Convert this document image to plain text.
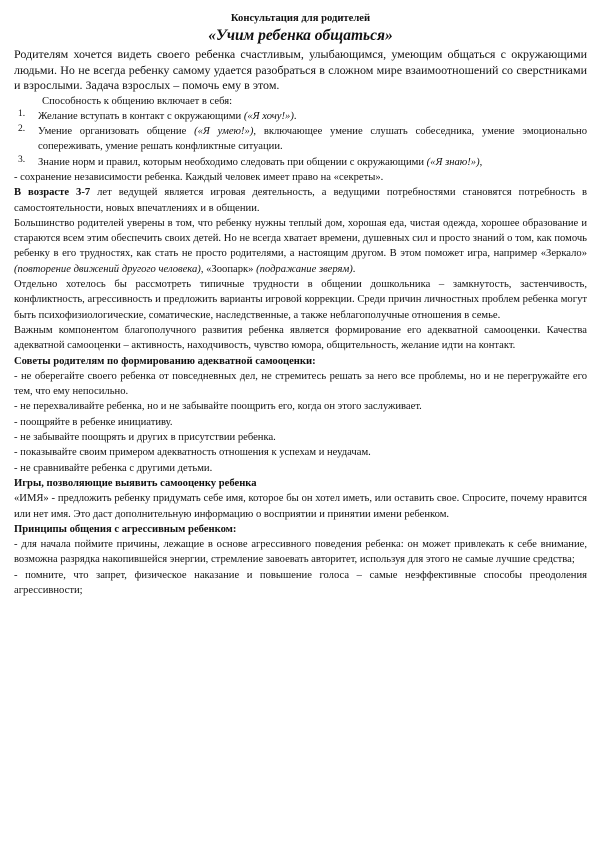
Консультация для родителей

«Учим ребенка общаться»

Родителям хочется видеть своего ребенка счастливым, улыбающимся, умеющим общаться с окружающими людьми. Но не всегда ребенку самому удается разобраться в сложном мире взаимоотношений со сверстниками и взрослыми. Задача взрослых – помочь ему в этом.

Способность к общению включает в себя:

1.	Желание вступать в контакт с окружающими («Я хочу!»).

2.	Умение организовать общение («Я умею!»), включающее умение слушать собеседника, умение эмоционально сопереживать, умение решать конфликтные ситуации.

3.	Знание норм и правил, которым необходимо следовать при общении с окружающими («Я знаю!»),

- сохранение независимости ребенка. Каждый человек имеет право на «секреты».

В возрасте 3-7 лет ведущей является игровая деятельность, а ведущими потребностями становятся потребность в самостоятельности, новых впечатлениях и в общении.

Большинство родителей уверены в том, что ребенку нужны теплый дом, хорошая еда, чистая одежда, хорошее образование и стараются всем этим обеспечить своих детей. Но не всегда хватает времени, душевных сил и просто знаний о том, как помочь ребенку в его трудностях, как стать не просто родителями, а настоящим другом. В этом поможет игра, например «Зеркало» (повторение движений другого человека), «Зоопарк» (подражание зверям).

Отдельно хотелось бы рассмотреть типичные трудности в общении дошкольника – замкнутость, застенчивость, конфликтность, агрессивность и предложить варианты игровой коррекции. Среди причин личностных проблем ребенка могут быть психофизиологические, соматические, наследственные, а также неблагополучные отношения в семье.

Важным компонентом благополучного развития ребенка является формирование его адекватной самооценки. Качества адекватной самооценки – активность, находчивость, чувство юмора, общительность, желание идти на контакт.

Советы родителям по формированию адекватной самооценки:

- не оберегайте своего ребенка от повседневных дел, не стремитесь решать за него все проблемы, но и не перегружайте его тем, что ему непосильно.

- не перехваливайте ребенка, но и не забывайте поощрить его, когда он этого заслуживает.

- поощряйте в ребенке инициативу.

- не забывайте поощрять и других в присутствии ребенка.

- показывайте своим примером адекватность отношения к успехам и неудачам.

- не сравнивайте ребенка с другими детьми.

Игры, позволяющие выявить самооценку ребенка

«ИМЯ» - предложить ребенку придумать себе имя, которое бы он хотел иметь, или оставить свое. Спросите, почему нравится или нет имя. Это даст дополнительную информацию о восприятии и принятии имени ребенком.

Принципы общения с агрессивным ребенком:

- для начала поймите причины, лежащие в основе агрессивного поведения ребенка: он может привлекать к себе внимание, возможна разрядка накопившейся энергии, стремление завоевать авторитет, используя для этого не самые лучшие средства;

- помните, что запрет, физическое наказание и повышение голоса – самые неэффективные способы преодоления агрессивности;
